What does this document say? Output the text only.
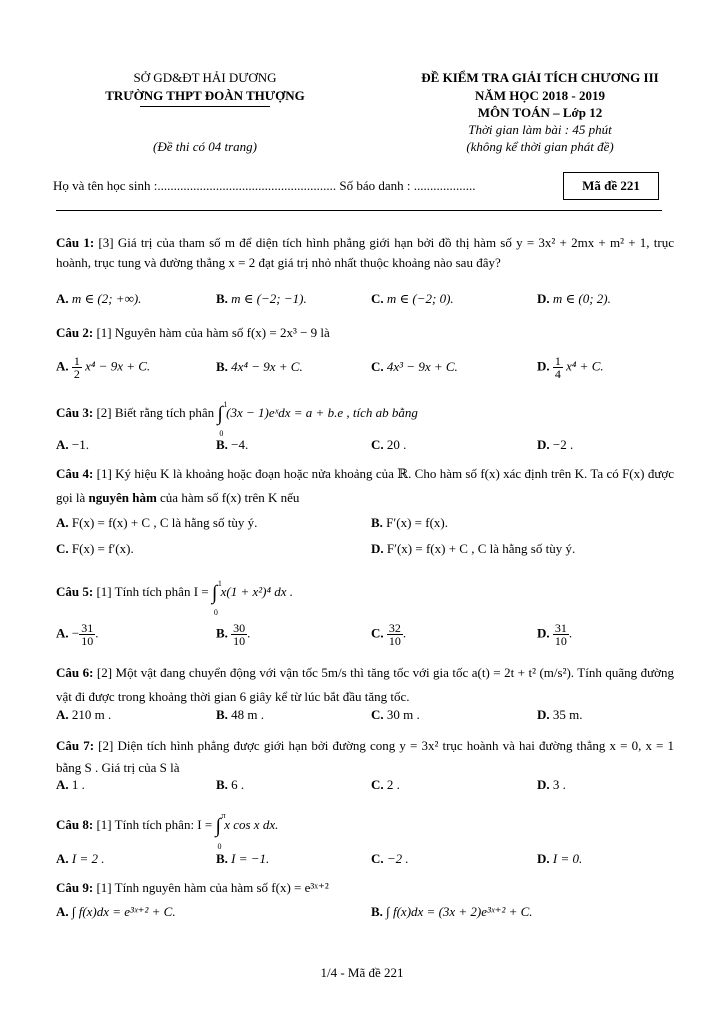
SỞ GD&ĐT HẢI DƯƠNG
TRƯỜNG THPT ĐOÀN THƯỢNG
(Đề thi có 04 trang)
ĐỀ KIỂM TRA GIẢI TÍCH CHƯƠNG III
NĂM HỌC 2018 - 2019
MÔN TOÁN – Lớp 12
Thời gian làm bài : 45 phút
(không kể thời gian phát đề)
Họ và tên học sinh :....................................................... Số báo danh : ...................	Mã đề 221
Câu 1: [3] Giá trị của tham số m để diện tích hình phẳng giới hạn bởi đồ thị hàm số y = 3x² + 2mx + m² + 1, trục hoành, trục tung và đường thẳng x = 2 đạt giá trị nhỏ nhất thuộc khoảng nào sau đây?
A. m ∈ (2; +∞).	B. m ∈ (−2; −1).	C. m ∈ (−2; 0).	D. m ∈ (0; 2).
Câu 2: [1] Nguyên hàm của hàm số f(x) = 2x³ − 9 là
A. $\frac{1}{2} x^4 - 9x + C$.	B. 4x⁴ − 9x + C.	C. 4x³ − 9x + C.	D. $\frac{1}{4} x^4 + C$.
Câu 3: [2] Biết rằng tích phân ∫ 1
0
(3x − 1)eˣdx = a + b.e , tích ab bằng
A. −1.	B. −4.	C. 20 .	D. −2 .
Câu 4: [1] Ký hiệu K là khoảng hoặc đoạn hoặc nửa khoảng của ℝ. Cho hàm số f(x) xác định trên K. Ta có F(x) được gọi là nguyên hàm của hàm số f(x) trên K nếu
A. F(x) = f(x) + C , C là hằng số tùy ý.	B. F′(x) = f(x).
C. F(x) = f′(x).	D. F′(x) = f(x) + C , C là hằng số tùy ý.
Câu 5: [1] Tính tích phân I = ∫ 1
0
x(1 + x²)⁴ dx .
A. − $\frac{31}{10}$ .	B. $\frac{30}{10}$ .	C. $\frac{32}{10}$ .	D. $\frac{31}{10}$ .
Câu 6: [2] Một vật đang chuyển động với vận tốc 5m/s thì tăng tốc với gia tốc a(t) = 2t + t² (m/s²). Tính quãng đường vật đi được trong khoảng thời gian 6 giây kể từ lúc bắt đầu tăng tốc.
A. 210 m .	B. 48 m .	C. 30 m .	D. 35 m.
Câu 7: [2] Diện tích hình phẳng được giới hạn bởi đường cong y = 3x² trục hoành và hai đường thẳng x = 0, x = 1 bằng S . Giá trị của S là
A. 1 .	B. 6 .	C. 2 .	D. 3 .
Câu 8: [1] Tính tích phân: I = ∫ π
0
x cos x dx.
A. I = 2 .	B. I = −1.	C. −2 .	D. I = 0.
Câu 9: [1] Tính nguyên hàm của hàm số f(x) = e³ˣ⁺²
A. ∫ f(x)dx = e³ˣ⁺² + C.	B. ∫ f(x)dx = (3x + 2)e³ˣ⁺² + C.
1/4 - Mã đề 221
